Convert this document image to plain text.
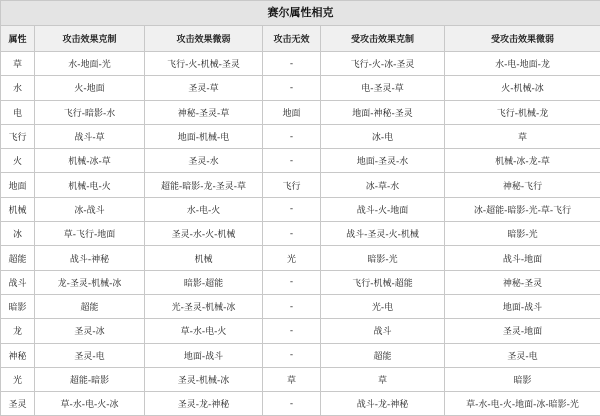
赛尔属性相克
属性	攻击效果克制	攻击效果微弱	攻击无效	受攻击效果克制	受攻击效果微弱
草	水-地面-光	飞行-火-机械-圣灵	-	飞行-火-冰-圣灵	水-电-地面-龙
水	火-地面	圣灵-草	-	电-圣灵-草	火-机械-冰
电	飞行-暗影-水	神秘-圣灵-草	地面	地面-神秘-圣灵	飞行-机械-龙
飞行	战斗-草	地面-机械-电	-	冰-电	草
火	机械-冰-草	圣灵-水	-	地面-圣灵-水	机械-冰-龙-草
地面	机械-电-火	超能-暗影-龙-圣灵-草	飞行	冰-草-水	神秘-飞行
机械	冰-战斗	水-电-火	-	战斗-火-地面	冰-超能-暗影-光-草-飞行
冰	草-飞行-地面	圣灵-水-火-机械	-	战斗-圣灵-火-机械	暗影-光
超能	战斗-神秘	机械	光	暗影-光	战斗-地面
战斗	龙-圣灵-机械-冰	暗影-超能	-	飞行-机械-超能	神秘-圣灵
暗影	超能	光-圣灵-机械-冰	-	光-电	地面-战斗
龙	圣灵-冰	草-水-电-火	-	战斗	圣灵-地面
神秘	圣灵-电	地面-战斗	-	超能	圣灵-电
光	超能-暗影	圣灵-机械-冰	草	草	暗影
圣灵	草-水-电-火-冰	圣灵-龙-神秘	-	战斗-龙-神秘	草-水-电-火-地面-冰-暗影-光
